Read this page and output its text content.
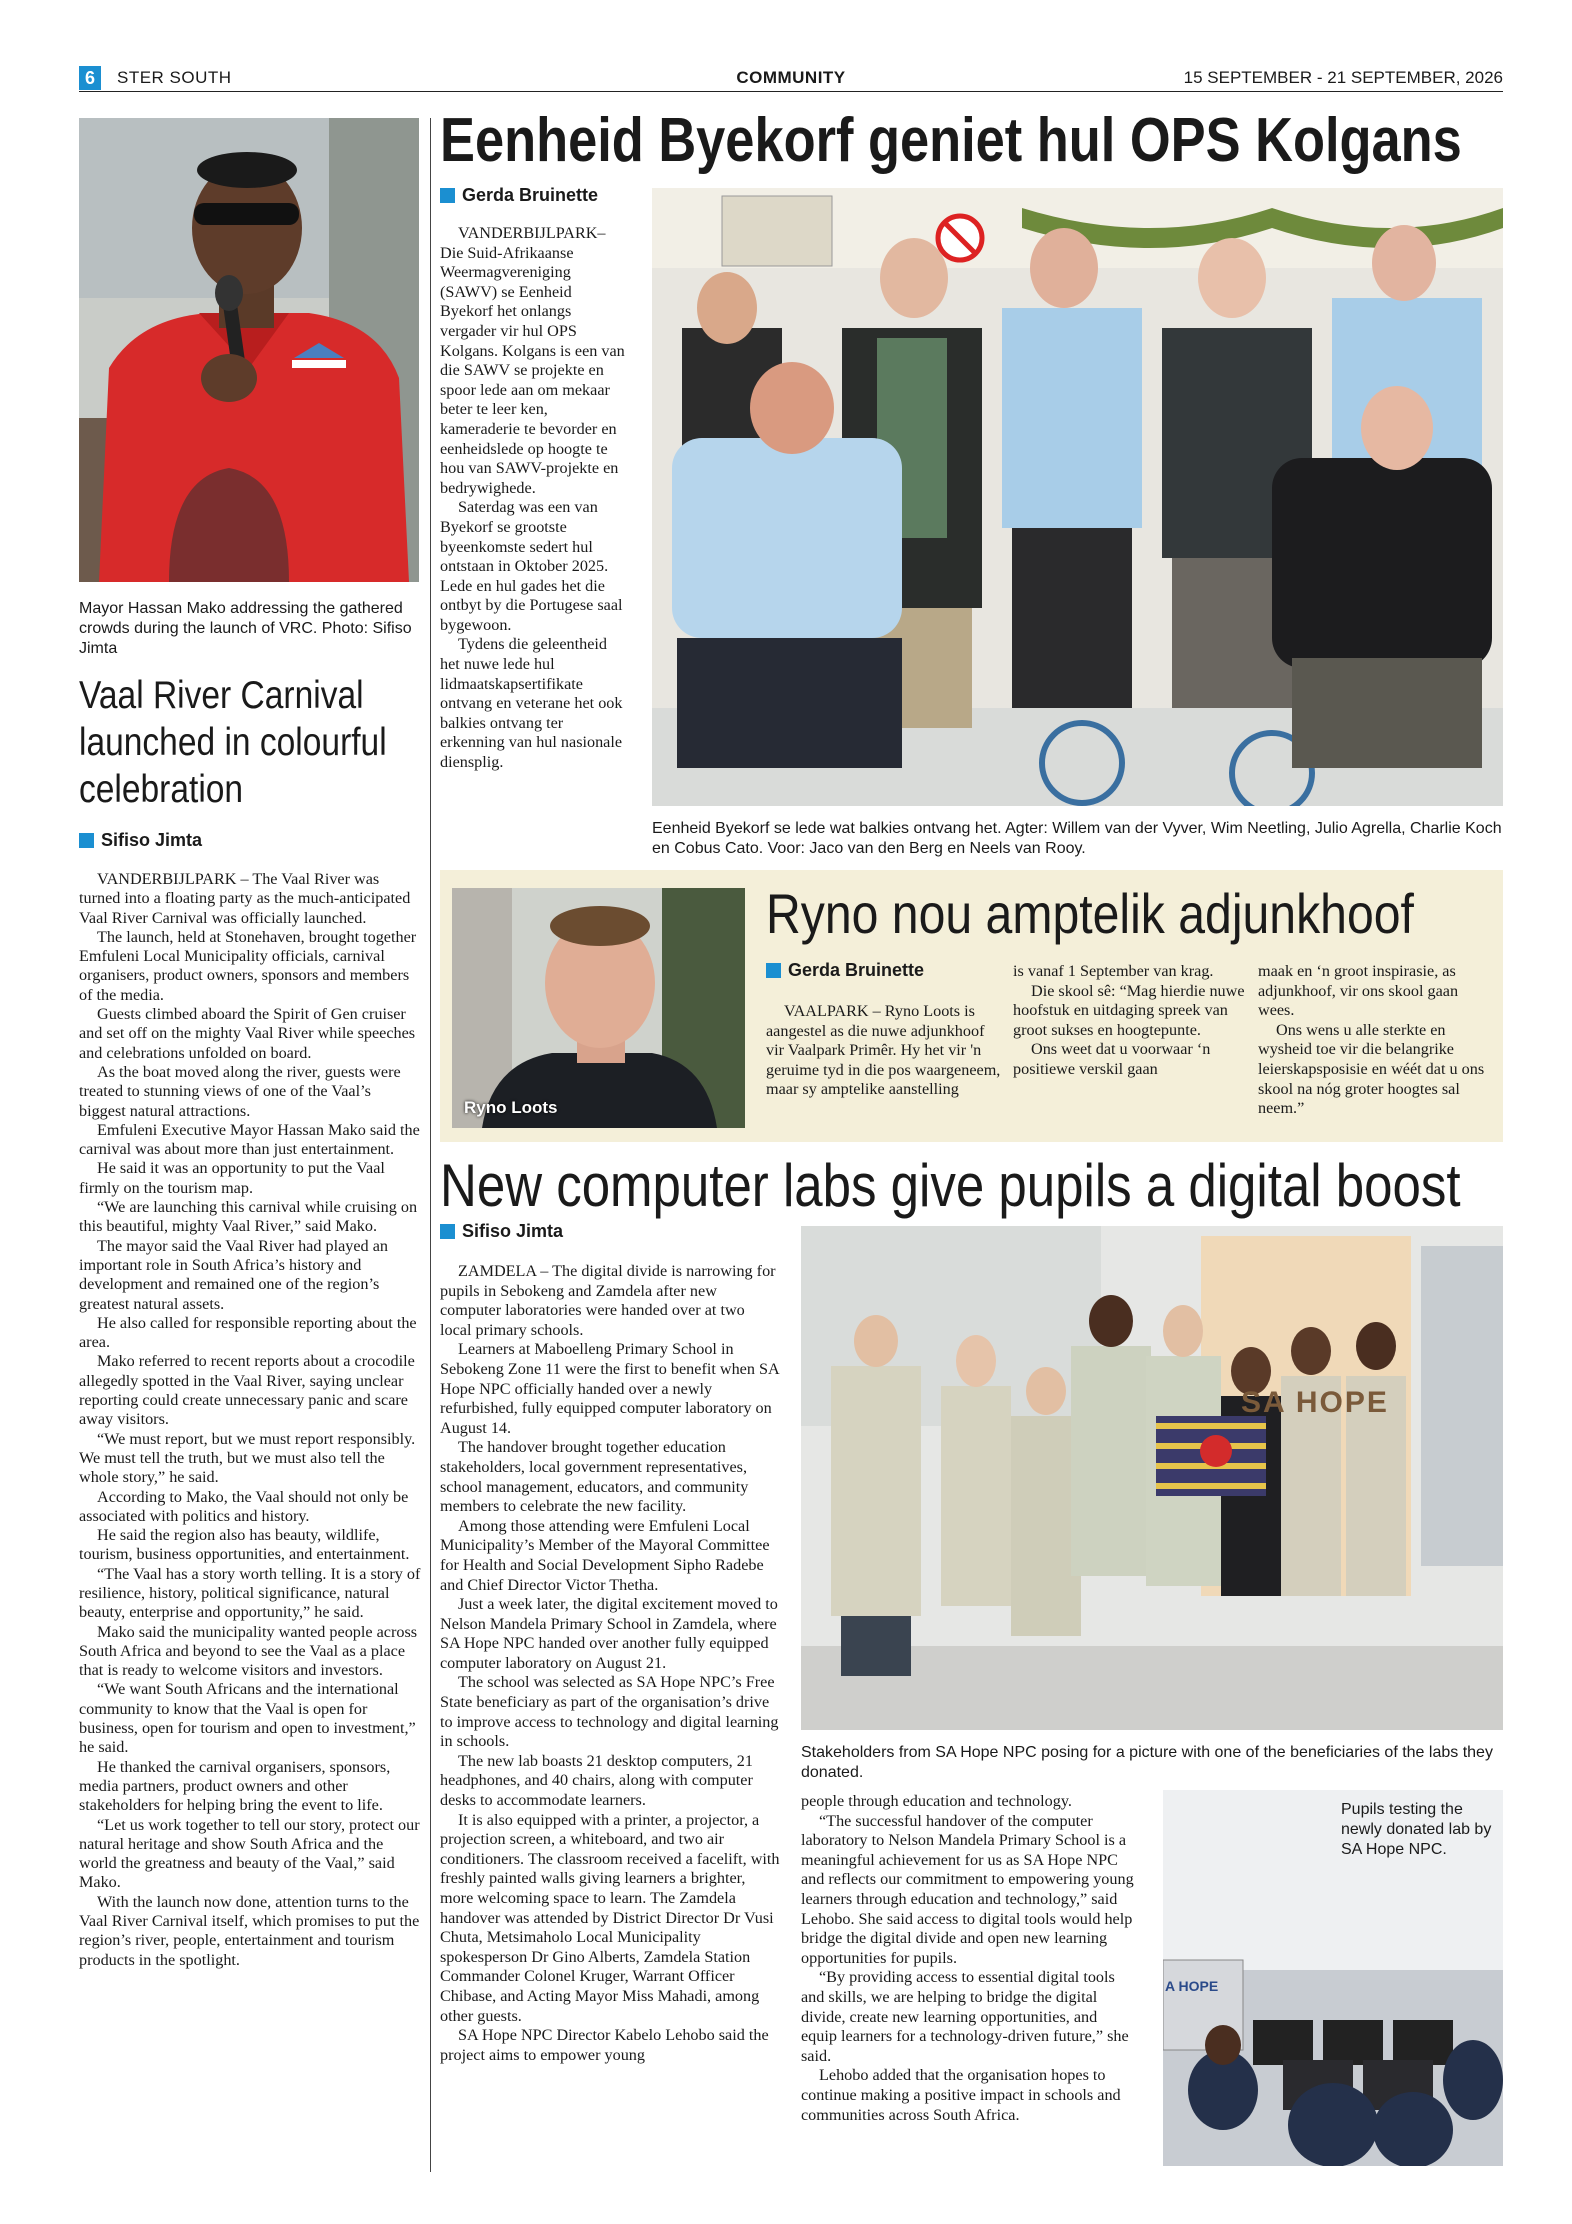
6	STER SOUTH	COMMUNITY	15 SEPTEMBER - 21 SEPTEMBER, 2026
Mayor Hassan Mako addressing the gathered crowds during the launch of VRC. Photo: Sifiso Jimta
Vaal River Carnival
launched in colourful
celebration
Sifiso Jimta

VANDERBIJLPARK – The Vaal River was turned into a floating party as the much-anticipated Vaal River Carnival was officially launched.

The launch, held at Stonehaven, brought together Emfuleni Local Municipality officials, carnival organisers, product owners, sponsors and members of the media.

Guests climbed aboard the Spirit of Gen cruiser and set off on the mighty Vaal River while speeches and celebrations unfolded on board.

As the boat moved along the river, guests were treated to stunning views of one of the Vaal’s biggest natural attractions.

Emfuleni Executive Mayor Hassan Mako said the carnival was about more than just entertainment.

He said it was an opportunity to put the Vaal firmly on the tourism map.

“We are launching this carnival while cruising on this beautiful, mighty Vaal River,” said Mako.

The mayor said the Vaal River had played an important role in South Africa’s history and development and remained one of the region’s greatest natural assets.

He also called for responsible reporting about the area.

Mako referred to recent reports about a crocodile allegedly spotted in the Vaal River, saying unclear reporting could create unnecessary panic and scare away visitors.

“We must report, but we must report responsibly. We must tell the truth, but we must also tell the whole story,” he said.

According to Mako, the Vaal should not only be associated with politics and history.

He said the region also has beauty, wildlife, tourism, business opportunities, and entertainment.

“The Vaal has a story worth telling. It is a story of resilience, history, political significance, natural beauty, enterprise and opportunity,” he said.

Mako said the municipality wanted people across South Africa and beyond to see the Vaal as a place that is ready to welcome visitors and investors.

“We want South Africans and the international community to know that the Vaal is open for business, open for tourism and open to investment,” he said.

He thanked the carnival organisers, sponsors, media partners, product owners and other stakeholders for helping bring the event to life.

“Let us work together to tell our story, protect our natural heritage and show South Africa and the world the greatness and beauty of the Vaal,” said Mako.

With the launch now done, attention turns to the Vaal River Carnival itself, which promises to put the region’s river, people, entertainment and tourism products in the spotlight.

Eenheid Byekorf geniet hul OPS Kolgans
Gerda Bruinette

VANDERBIJLPARK– Die Suid-Afrikaanse Weermagvereniging (SAWV) se Eenheid Byekorf het onlangs vergader vir hul OPS Kolgans. Kolgans is een van die SAWV se projekte en spoor lede aan om mekaar beter te leer ken, kameraderie te bevorder en eenheidslede op hoogte te hou van SAWV-projekte en bedrywighede.

Saterdag was een van Byekorf se grootste byeenkomste sedert hul ontstaan in Oktober 2025. Lede en hul gades het die ontbyt by die Portugese saal bygewoon.

Tydens die geleentheid het nuwe lede hul lidmaatskapsertifikate ontvang en veterane het ook balkies ontvang ter erkenning van hul nasionale diensplig.

Eenheid Byekorf se lede wat balkies ontvang het. Agter: Willem van der Vyver, Wim Neetling, Julio Agrella, Charlie Koch en Cobus Cato. Voor: Jaco van den Berg en Neels van Rooy.
Ryno Loots
Ryno nou amptelik adjunkhoof
Gerda Bruinette

VAALPARK – Ryno Loots is aangestel as die nuwe adjunkhoof vir Vaalpark Primêr. Hy het vir 'n geruime tyd in die pos waargeneem, maar sy amptelike aanstelling

is vanaf 1 September van krag.

Die skool sê: “Mag hierdie nuwe hoofstuk en uitdaging spreek van groot sukses en hoogtepunte.

Ons weet dat u voorwaar ‘n positiewe verskil gaan

maak en ‘n groot inspirasie, as adjunkhoof, vir ons skool gaan wees.

Ons wens u alle sterkte en wysheid toe vir die belangrike leierskapsposisie en wéét dat u ons skool na nóg groter hoogtes sal neem.”

New computer labs give pupils a digital boost
Sifiso Jimta

ZAMDELA – The digital divide is narrowing for pupils in Sebokeng and Zamdela after new computer laboratories were handed over at two local primary schools.

Learners at Maboelleng Primary School in Sebokeng Zone 11 were the first to benefit when SA Hope NPC officially handed over a newly refurbished, fully equipped computer laboratory on August 14.

The handover brought together education stakeholders, local government representatives, school management, educators, and community members to celebrate the new facility.

Among those attending were Emfuleni Local Municipality’s Member of the Mayoral Committee for Health and Social Development Sipho Radebe and Chief Director Victor Thetha.

Just a week later, the digital excitement moved to Nelson Mandela Primary School in Zamdela, where SA Hope NPC handed over another fully equipped computer laboratory on August 21.

The school was selected as SA Hope NPC’s Free State beneficiary as part of the organisation’s drive to improve access to technology and digital learning in schools.

The new lab boasts 21 desktop computers, 21 headphones, and 40 chairs, along with computer desks to accommodate learners.

It is also equipped with a printer, a projector, a projection screen, a whiteboard, and two air conditioners. The classroom received a facelift, with freshly painted walls giving learners a brighter, more welcoming space to learn. The Zamdela handover was attended by District Director Dr Vusi Chuta, Metsimaholo Local Municipality spokesperson Dr Gino Alberts, Zamdela Station Commander Colonel Kruger, Warrant Officer Chibase, and Acting Mayor Miss Mahadi, among other guests.

SA Hope NPC Director Kabelo Lehobo said the project aims to empower young

SA HOPE
Stakeholders from SA Hope NPC posing for a picture with one of the beneficiaries of the labs they donated.

people through education and technology.

“The successful handover of the computer laboratory to Nelson Mandela Primary School is a meaningful achievement for us as SA Hope NPC and reflects our commitment to empowering young learners through education and technology,” said Lehobo. She said access to digital tools would help bridge the digital divide and open new learning opportunities for pupils.

“By providing access to essential digital tools and skills, we are helping to bridge the digital divide, create new learning opportunities, and equip learners for a technology-driven future,” she said.

Lehobo added that the organisation hopes to continue making a positive impact in schools and communities across South Africa.

A HOPE
Pupils testing the newly donated lab by SA Hope NPC.
